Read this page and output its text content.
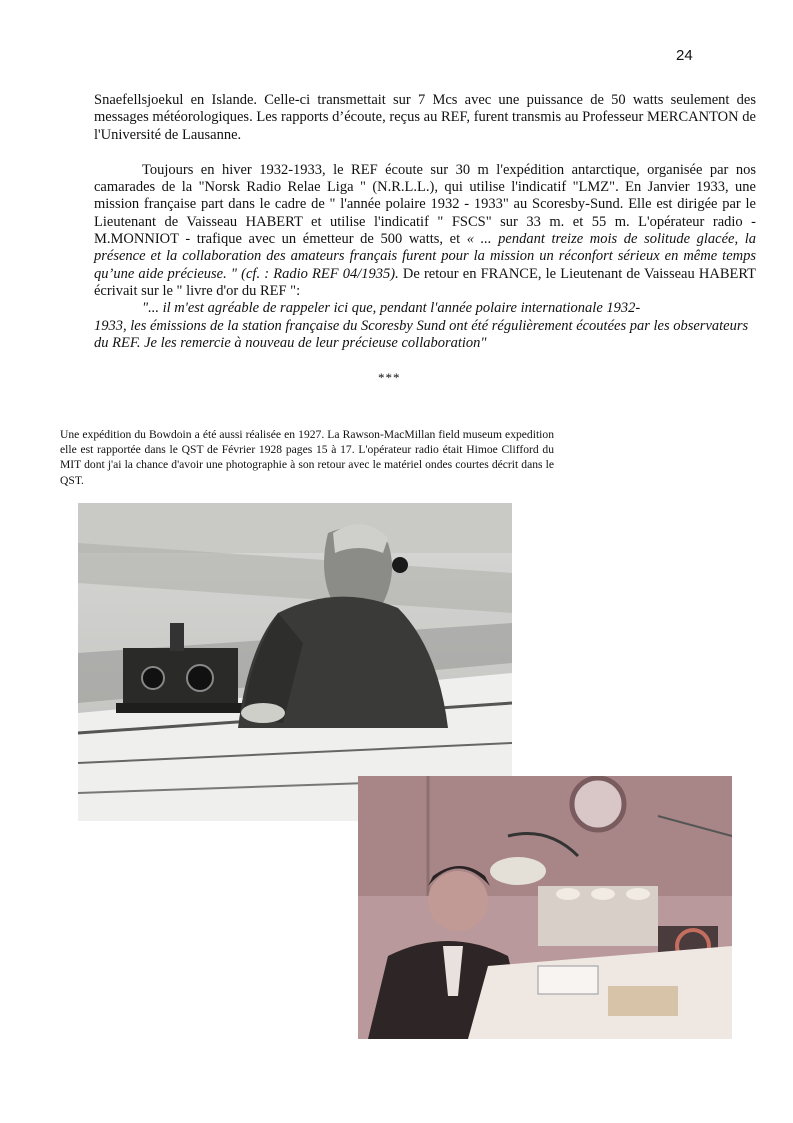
24

Snaefellsjoekul en Islande. Celle-ci transmettait sur 7 Mcs avec une puissance de 50 watts seulement des messages météorologiques. Les rapports d’écoute, reçus au REF, furent transmis au Professeur MERCANTON de l'Université de Lausanne.

Toujours en hiver 1932-1933, le REF écoute sur 30 m l'expédition antarctique, organisée par nos camarades de la "Norsk Radio Relae Liga " (N.R.L.L.), qui utilise l'indicatif "LMZ". En Janvier 1933, une mission française part dans le cadre de " l'année polaire 1932 - 1933" au Scoresby-Sund. Elle est dirigée par le Lieutenant de Vaisseau HABERT et utilise l'indicatif " FSCS" sur 33 m. et 55 m. L'opérateur radio - M.MONNIOT - trafique avec un émetteur de 500 watts, et « ... pendant treize mois de solitude glacée, la présence et la collaboration des amateurs français furent pour la mission un réconfort sérieux en même temps qu’une aide précieuse. " (cf. : Radio REF 04/1935). De retour en FRANCE, le Lieutenant de Vaisseau HABERT écrivait sur le " livre d'or du REF ":

"... il m'est agréable de rappeler ici que, pendant l'année polaire internationale 1932-
1933, les émissions de la station française du Scoresby Sund ont été régulièrement écoutées par les observateurs du REF. Je les remercie à nouveau de leur précieuse collaboration"

***
Une expédition du Bowdoin a été aussi réalisée en 1927. La Rawson-MacMillan field museum expedition elle est rapportée dans le QST de Février 1928 pages 15 à 17. L'opérateur radio était Himoe Clifford du MIT dont j'ai la chance d'avoir une photographie à son retour avec le matériel ondes courtes décrit dans le QST.
